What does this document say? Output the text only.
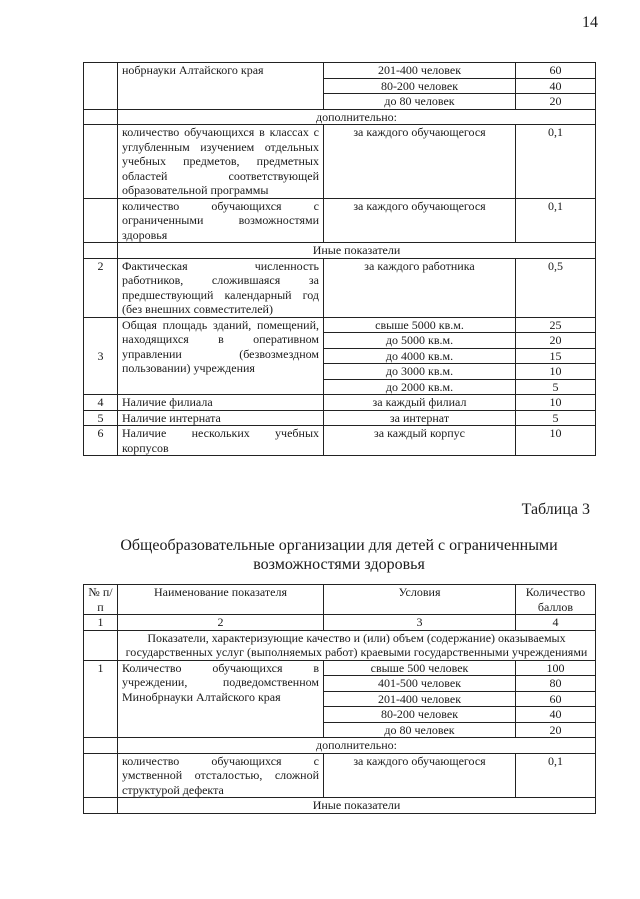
14
	нобрнауки Алтайского края	201-400 человек	60
		80-200 человек	40
		до 80 человек	20
	дополнительно:		
	количество обучающихся в классах с углубленным изучением отдельных учебных предметов, предметных областей соответствующей образовательной программы	за каждого обучающегося	0,1
	количество обучающихся с ограниченными возможностями здоровья	за каждого обучающегося	0,1
	Иные показатели		
2	Фактическая численность работников, сложившаяся за предшествующий календарный год (без внешних совместителей)	за каждого работника	0,5
3	Общая площадь зданий, помещений, находящихся в оперативном управлении (безвозмездном пользовании) учреждения	свыше 5000 кв.м.	25
		до 5000 кв.м.	20
		до 4000 кв.м.	15
		до 3000 кв.м.	10
		до 2000 кв.м.	5
4	Наличие филиала	за каждый филиал	10
5	Наличие интерната	за интернат	5
6	Наличие нескольких учебных корпусов	за каждый корпус	10
Таблица 3
Общеобразовательные организации для детей с ограниченными возможностями здоровья
№ п/п	Наименование показателя	Условия	Количество баллов
1	2	3	4
	Показатели, характеризующие качество и (или) объем (содержание) оказываемых государственных услуг (выполняемых работ) краевыми государственными учреждениями		
1	Количество обучающихся в учреждении, подведомственном Минобрнауки Алтайского края	свыше 500 человек	100
		401-500 человек	80
		201-400 человек	60
		80-200 человек	40
		до 80 человек	20
	дополнительно:		
	количество обучающихся с умственной отсталостью, сложной структурой дефекта	за каждого обучающегося	0,1
	Иные показатели		
